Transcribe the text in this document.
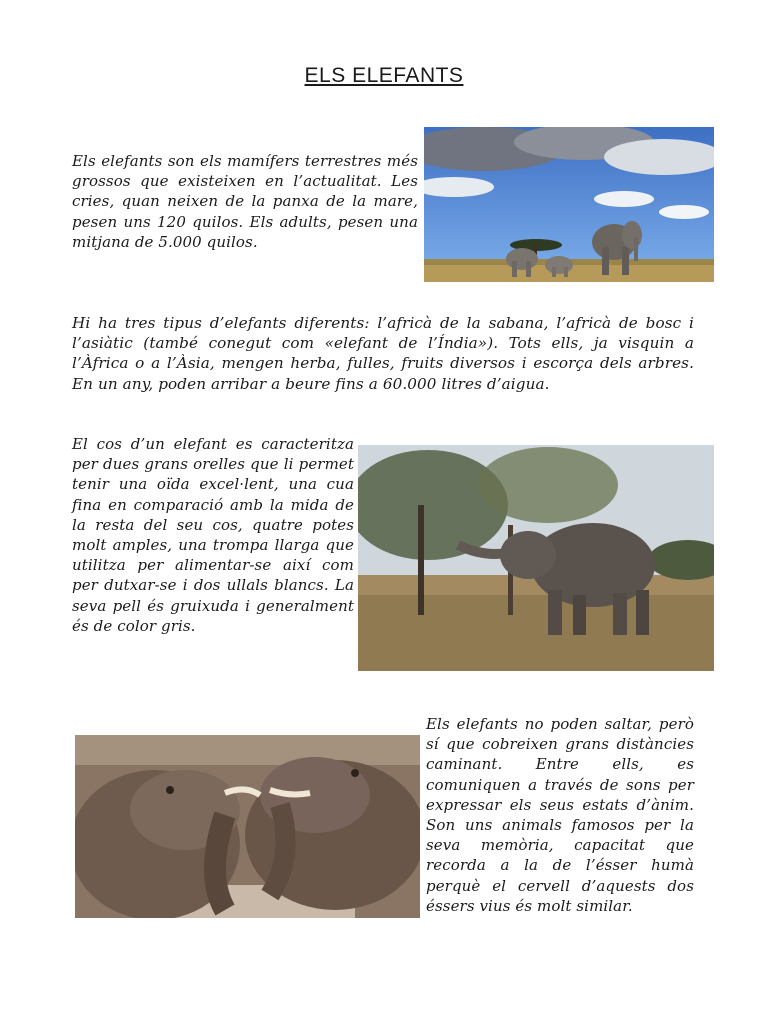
ELS ELEFANTS

Els elefants son els mamífers terrestres més grossos que existeixen en l’actualitat. Les cries, quan neixen de la panxa de la mare, pesen uns 120 quilos. Els adults, pesen una mitjana de 5.000 quilos.

Hi ha tres tipus d’elefants diferents: l’africà de la sabana, l’africà de bosc i l’asiàtic (també conegut com «elefant de l’Índia»). Tots ells, ja visquin a l’Àfrica o a l’Àsia, mengen herba, fulles, fruits diversos i escorça dels arbres. En un any, poden arribar a beure fins a 60.000 litres d’aigua.

El cos d’un elefant es caracteritza per dues grans orelles que li permet tenir una oïda excel·lent, una cua fina en comparació amb la mida de la resta del seu cos, quatre potes molt amples, una trompa llarga que utilitza per alimentar-se així com per dutxar-se i dos ullals blancs. La seva pell és gruixuda i generalment és de color gris.

Els elefants no poden saltar, però sí que cobreixen grans distàncies caminant. Entre ells, es comuniquen a través de sons per expressar els seus estats d’ànim. Son uns animals famosos per la seva memòria, capacitat que recorda a la de l’ésser humà perquè el cervell d’aquests dos éssers vius és molt similar.
